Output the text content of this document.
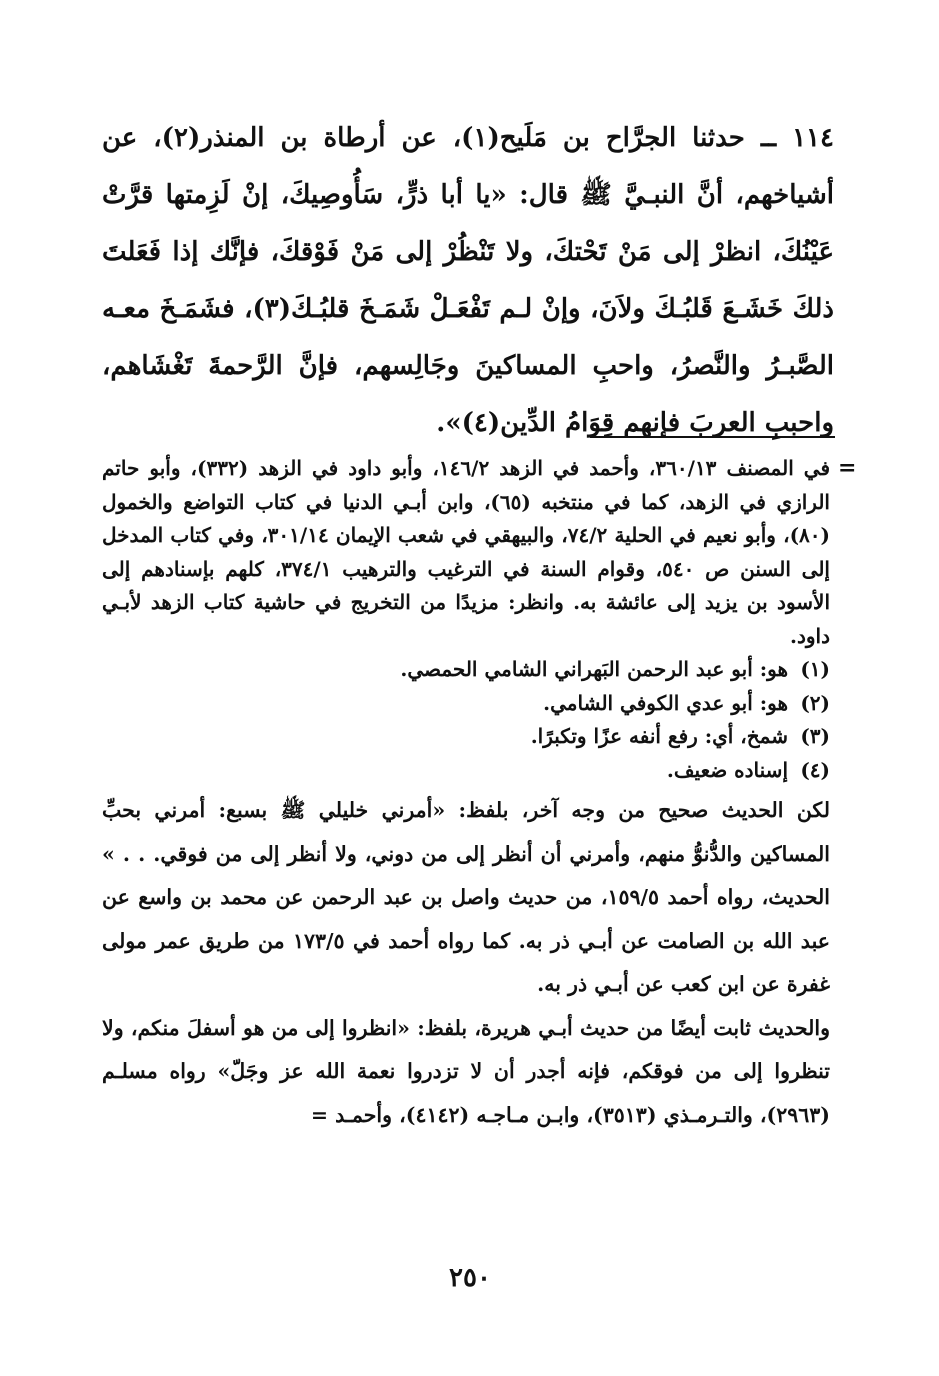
١١٤ ــ حدثنا الجرَّاح بن مَلَيح(١)، عن أرطاة بن المنذر(٢)، عن أشياخهم، أنَّ النبـيَّ ﷺ قال: «يا أبا ذرٍّ، سَأُوصِيكَ، إنْ لَزِمتها قرَّتْ عَيْنُكَ، انظرْ إلى مَنْ تَحْتكَ، ولا تَنْظُرْ إلى مَنْ فَوْقكَ، فإنَّك إذا فَعَلتَ ذلكَ خَشَـعَ قَلبُـكَ ولاَنَ، وإنْ لـم تَفْعَـلْ شَمَـخَ قلبُـكَ(٣)، فشَمَـخَ معـه الصَّبـرُ والنَّصرُ، واحبِ المساكينَ وجَالِسهم، فإنَّ الرَّحمةَ تَغْشَاهم، واحببِ العربَ فإنهم قِوَامُ الدِّين(٤)».

=

في المصنف ٣٦٠/١٣، وأحمد في الزهد ١٤٦/٢، وأبو داود في الزهد (٣٣٢)، وأبو حاتم الرازي في الزهد، كما في منتخبه (٦٥)، وابن أبـي الدنيا في كتاب التواضع والخمول (٨٠)، وأبو نعيم في الحلية ٧٤/٢، والبيهقي في شعب الإيمان ٣٠١/١٤، وفي كتاب المدخل إلى السنن ص ٥٤٠، وقوام السنة في الترغيب والترهيب ٣٧٤/١، كلهم بإسنادهم إلى الأسود بن يزيد إلى عائشة به. وانظر: مزيدًا من التخريج في حاشية كتاب الزهد لأبـي داود.

(١)
هو: أبو عبد الرحمن البَهراني الشامي الحمصي.
(٢)
هو: أبو عدي الكوفي الشامي.
(٣)
شمخ، أي: رفع أنفه عزًا وتكبرًا.
(٤)
إسناده ضعيف.

لكن الحديث صحيح من وجه آخر، بلفظ: «أمرني خليلي ﷺ بسبع: أمرني بحبِّ المساكين والدُّنوُّ منهم، وأمرني أن أنظر إلى من دوني، ولا أنظر إلى من فوقي. . . » الحديث، رواه أحمد ١٥٩/٥، من حديث واصل بن عبد الرحمن عن محمد بن واسع عن عبد الله بن الصامت عن أبـي ذر به. كما رواه أحمد في ١٧٣/٥ من طريق عمر مولى غفرة عن ابن كعب عن أبـي ذر به.

والحديث ثابت أيضًا من حديث أبـي هريرة، بلفظ: «انظروا إلى من هو أسفلَ منكم، ولا تنظروا إلى من فوقكم، فإنه أجدر أن لا تزدروا نعمة الله عز وجَلّ» رواه مسلـم (٢٩٦٣)، والتـرمـذي (٣٥١٣)، وابـن مـاجـه (٤١٤٢)، وأحمـد =

٢٥٠
